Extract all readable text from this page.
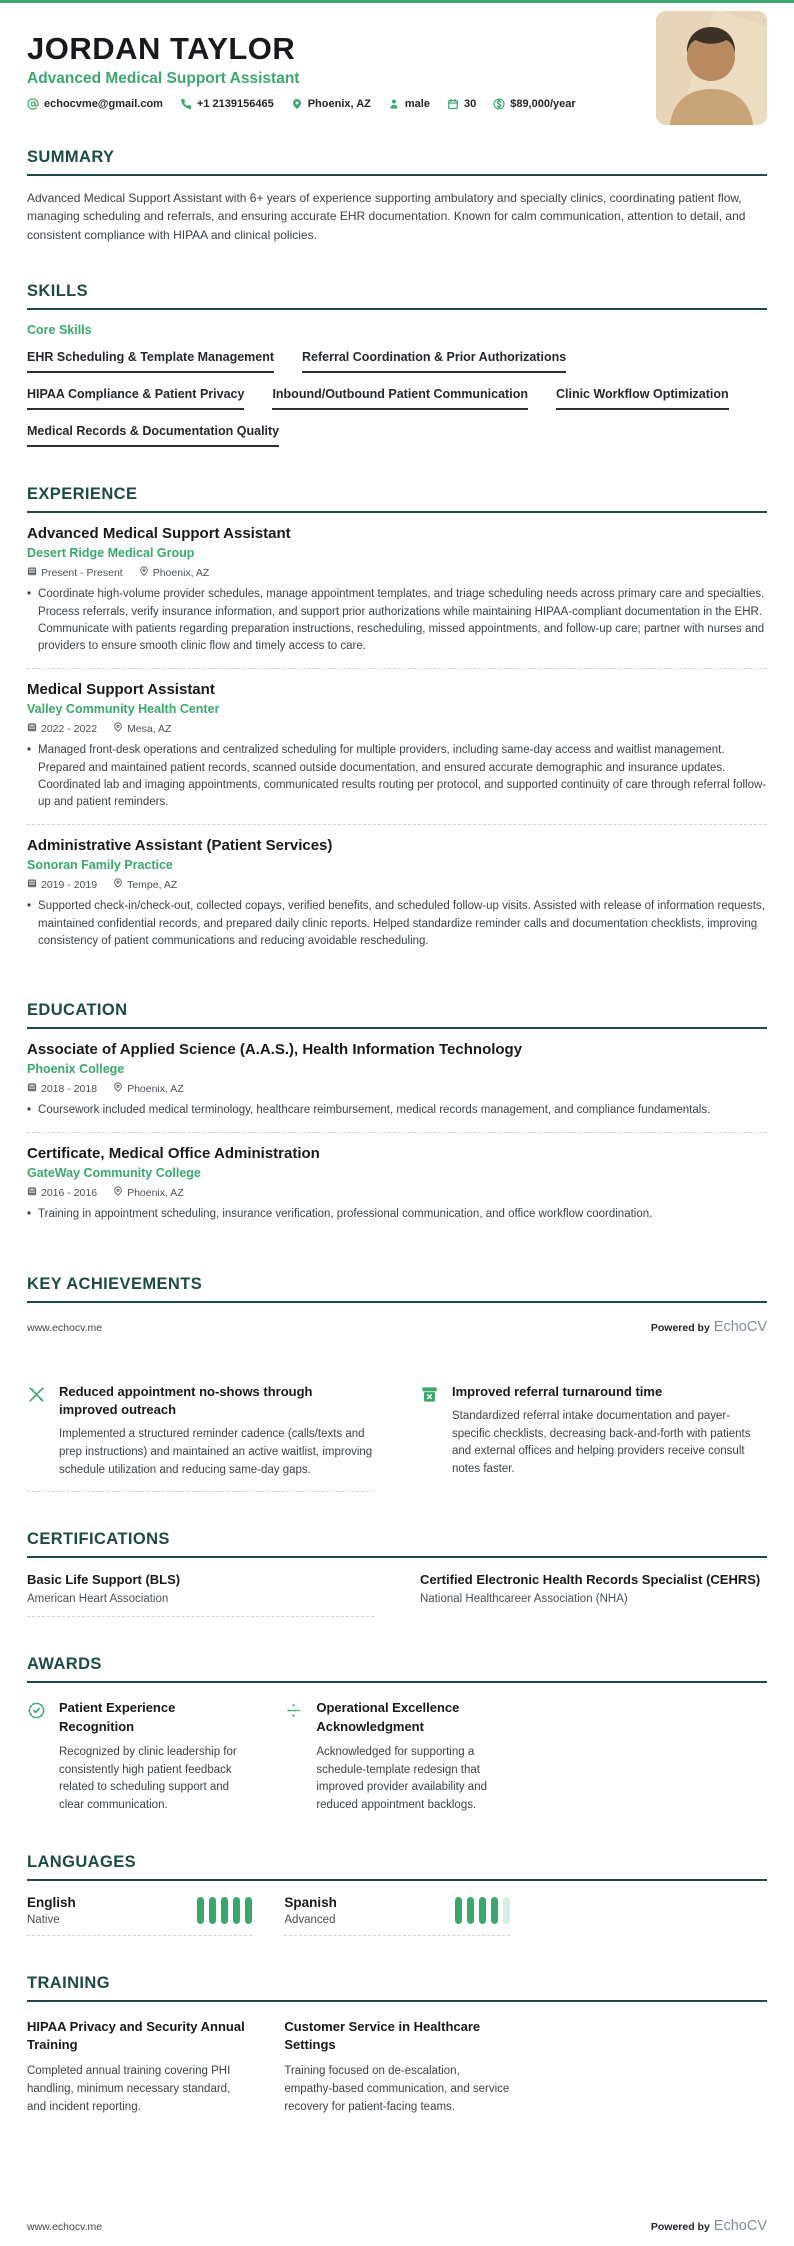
JORDAN TAYLOR
Advanced Medical Support Assistant
echocvme@gmail.com	+1 2139156465	Phoenix, AZ	male	30	$89,000/year
SUMMARY

Advanced Medical Support Assistant with 6+ years of experience supporting ambulatory and specialty clinics, coordinating patient flow, managing scheduling and referrals, and ensuring accurate EHR documentation. Known for calm communication, attention to detail, and consistent compliance with HIPAA and clinical policies.

SKILLS
Core Skills
EHR Scheduling & Template Management Referral Coordination & Prior Authorizations
HIPAA Compliance & Patient Privacy Inbound/Outbound Patient Communication Clinic Workflow Optimization
Medical Records & Documentation Quality
EXPERIENCE
Advanced Medical Support Assistant
Desert Ridge Medical Group
Present - Present	Phoenix, AZ
• Coordinate high-volume provider schedules, manage appointment templates, and triage scheduling needs across primary care and specialties. Process referrals, verify insurance information, and support prior authorizations while maintaining HIPAA-compliant documentation in the EHR. Communicate with patients regarding preparation instructions, rescheduling, missed appointments, and follow-up care; partner with nurses and providers to ensure smooth clinic flow and timely access to care.
Medical Support Assistant
Valley Community Health Center
2022 - 2022	Mesa, AZ
• Managed front-desk operations and centralized scheduling for multiple providers, including same-day access and waitlist management. Prepared and maintained patient records, scanned outside documentation, and ensured accurate demographic and insurance updates. Coordinated lab and imaging appointments, communicated results routing per protocol, and supported continuity of care through referral follow-up and patient reminders.
Administrative Assistant (Patient Services)
Sonoran Family Practice
2019 - 2019	Tempe, AZ
• Supported check-in/check-out, collected copays, verified benefits, and scheduled follow-up visits. Assisted with release of information requests, maintained confidential records, and prepared daily clinic reports. Helped standardize reminder calls and documentation checklists, improving consistency of patient communications and reducing avoidable rescheduling.
EDUCATION
Associate of Applied Science (A.A.S.), Health Information Technology
Phoenix College
2018 - 2018	Phoenix, AZ
• Coursework included medical terminology, healthcare reimbursement, medical records management, and compliance fundamentals.
Certificate, Medical Office Administration
GateWay Community College
2016 - 2016	Phoenix, AZ
• Training in appointment scheduling, insurance verification, professional communication, and office workflow coordination.
KEY ACHIEVEMENTS
www.echocv.me	Powered by EchoCV
Reduced appointment no-shows through improved outreach
Implemented a structured reminder cadence (calls/texts and prep instructions) and maintained an active waitlist, improving schedule utilization and reducing same-day gaps.
Improved referral turnaround time
Standardized referral intake documentation and payer-specific checklists, decreasing back-and-forth with patients and external offices and helping providers receive consult notes faster.
CERTIFICATIONS
Basic Life Support (BLS)
American Heart Association
Certified Electronic Health Records Specialist (CEHRS)
National Healthcareer Association (NHA)
AWARDS
Patient Experience Recognition
Recognized by clinic leadership for consistently high patient feedback related to scheduling support and clear communication.
Operational Excellence Acknowledgment
Acknowledged for supporting a schedule-template redesign that improved provider availability and reduced appointment backlogs.
LANGUAGES
English
Native
Spanish
Advanced
TRAINING
HIPAA Privacy and Security Annual Training
Completed annual training covering PHI handling, minimum necessary standard, and incident reporting.
Customer Service in Healthcare Settings
Training focused on de-escalation, empathy-based communication, and service recovery for patient-facing teams.
www.echocv.me	Powered by EchoCV
